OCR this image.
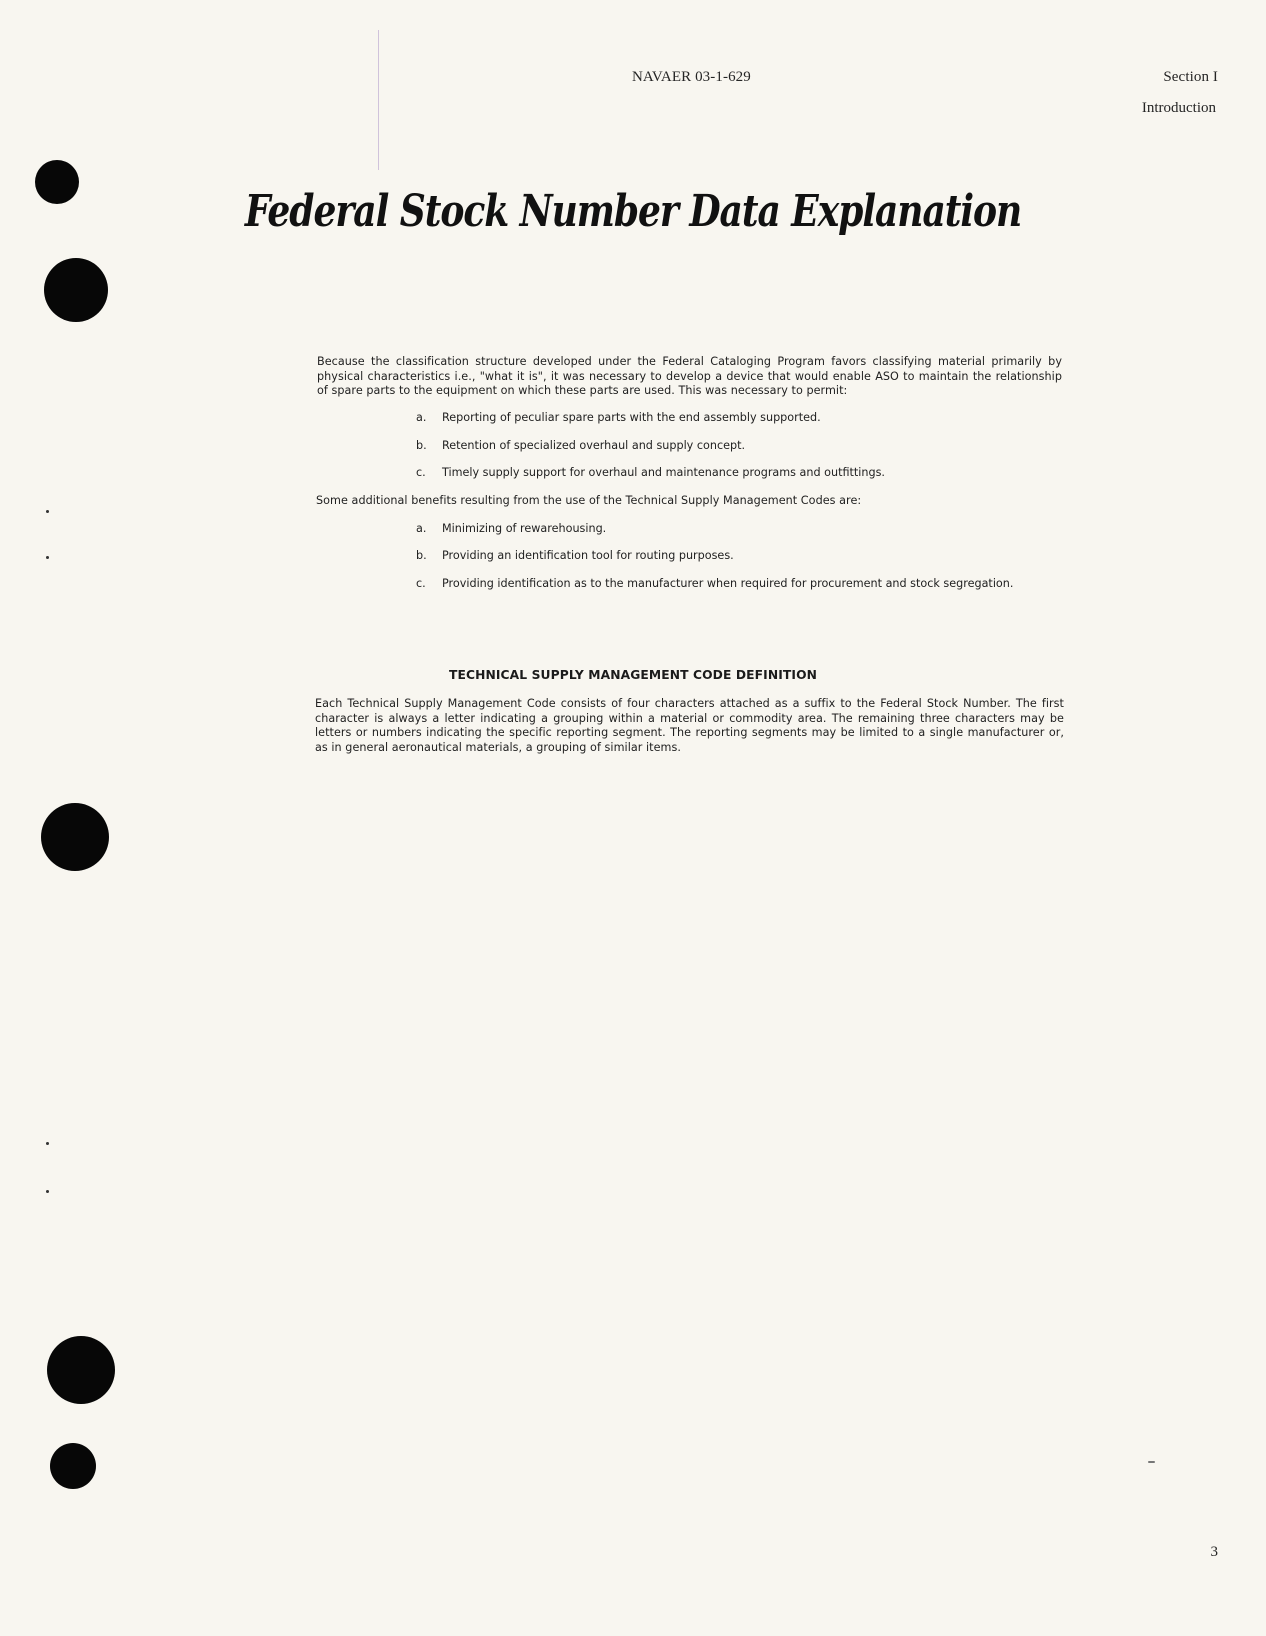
NAVAER 03-1-629	Section I
Introduction
Federal Stock Number Data Explanation

Because the classification structure developed under the Federal Cataloging Program favors classifying material primarily by physical characteristics i.e., "what it is", it was necessary to develop a device that would enable ASO to maintain the relationship of spare parts to the equipment on which these parts are used. This was necessary to permit:

a. Reporting of peculiar spare parts with the end assembly supported.
b. Retention of specialized overhaul and supply concept.
c. Timely supply support for overhaul and maintenance programs and outfittings.

Some additional benefits resulting from the use of the Technical Supply Management Codes are:

a. Minimizing of rewarehousing.
b. Providing an identification tool for routing purposes.
c. Providing identification as to the manufacturer when required for procurement and stock segregation.
TECHNICAL SUPPLY MANAGEMENT CODE DEFINITION

Each Technical Supply Management Code consists of four characters attached as a suffix to the Federal Stock Number. The first character is always a letter indicating a grouping within a material or commodity area. The remaining three characters may be letters or numbers indicating the specific reporting segment. The reporting segments may be limited to a single manufacturer or, as in general aeronautical materials, a grouping of similar items.

3
